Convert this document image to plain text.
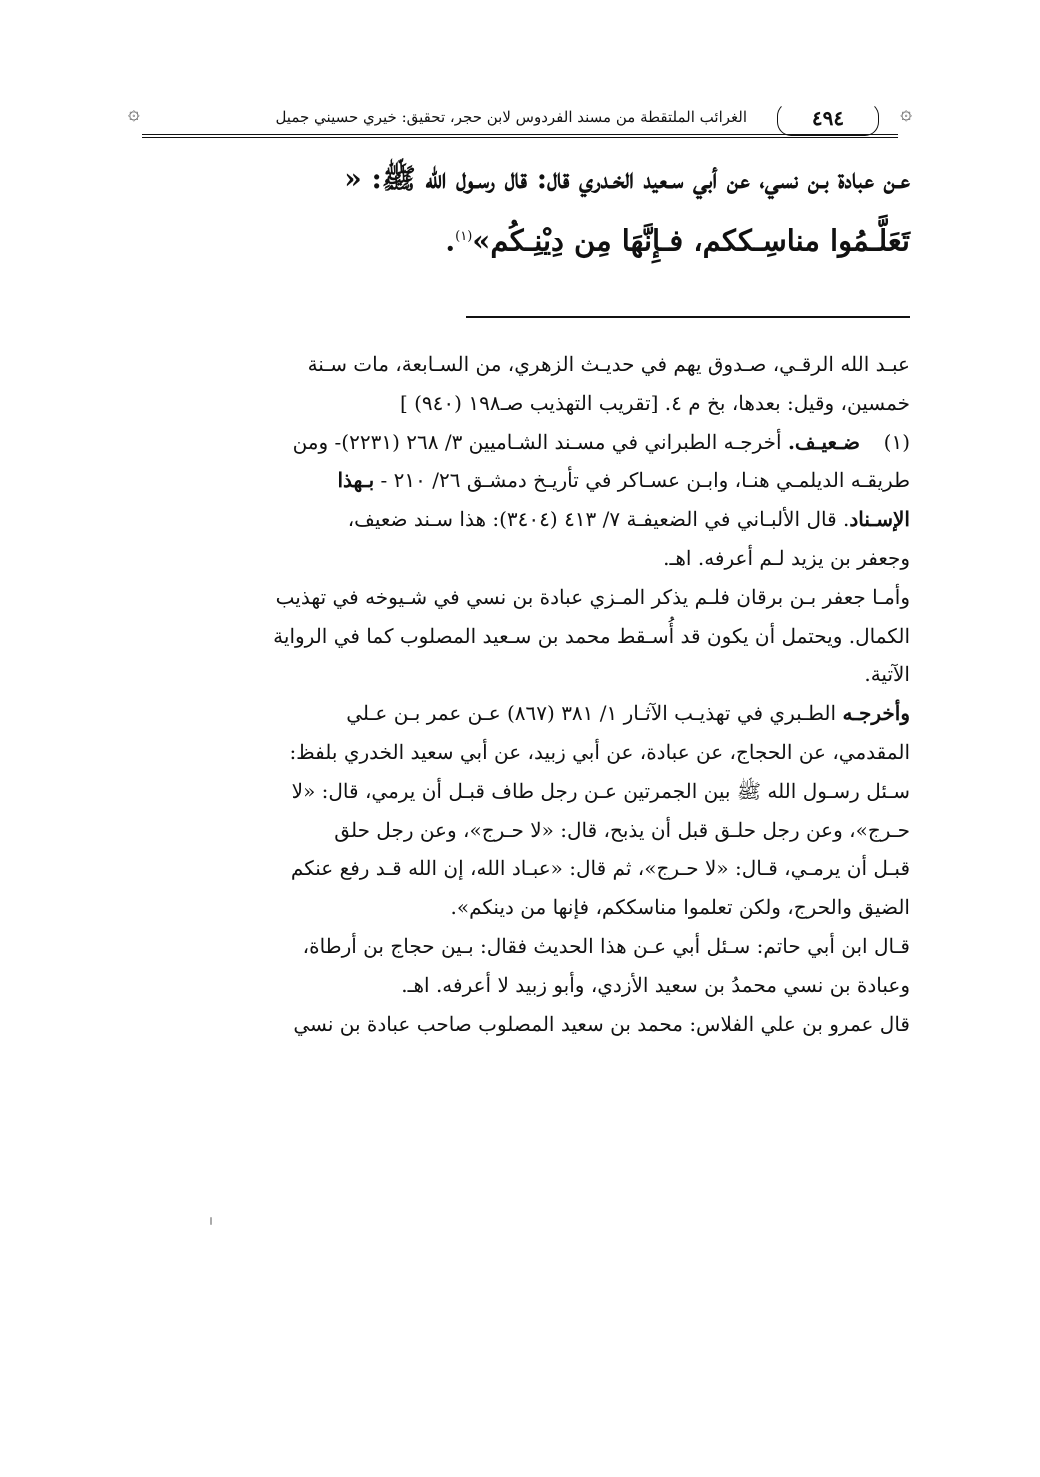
۞
٤٩٤
الغرائب الملتقطة من مسند الفردوس لابن حجر، تحقيق: خيري حسيني جميل
۞
عـن عبادة بـن نسي، عن أبي سـعيد الخـدري قال: قال رسـول الله ﷺ: «
تَعَلَّـمُوا مناسِـككم، فـإِنَّهَا مِن دِيْنِـكُم»$^{(١)}$.
عبـد الله الرقـي، صـدوق يهم في حديـث الزهري، من السـابعة، مات سـنة
خمسين، وقيل: بعدها، بخ م ٤. [تقريب التهذيب صـ١٩٨ (٩٤٠) ]
(١)ضـعيـف. أخرجـه الطبراني في مسـند الشـاميين ٣/ ٢٦٨ (٢٢٣١)- ومن
طريقـه الديلمـي هنـا، وابـن عسـاكر في تأريـخ دمشـق ٢٦/ ٢١٠ - بـهذا
الإسـناد. قال الألبـاني في الضعيفـة ٧/ ٤١٣ (٣٤٠٤): هذا سـند ضعيف،
وجعفر بن يزيد لـم أعرفه. اهـ.
وأمـا جعفر بـن برقان فلـم يذكر المـزي عبادة بن نسي في شـيوخه في تهذيب
الكمال. ويحتمل أن يكون قد أُسـقط محمد بن سـعيد المصلوب كما في الرواية
الآتية.
وأخرجـه الطـبري في تهذيـب الآثـار ١/ ٣٨١ (٨٦٧) عـن عمر بـن عـلي
المقدمي، عن الحجاج، عن عبادة، عن أبي زبيد، عن أبي سعيد الخدري بلفظ:
سـئل رسـول الله ﷺ بين الجمرتين عـن رجل طاف قبـل أن يرمي، قال: «لا
حـرج»، وعن رجل حلـق قبل أن يذبح، قال: «لا حـرج»، وعن رجل حلق
قبـل أن يرمـي، قـال: «لا حـرج»، ثم قال: «عبـاد الله، إن الله قـد رفع عنكم
الضيق والحرج، ولكن تعلموا مناسككم، فإنها من دينكم».
قـال ابن أبي حاتم: سـئل أبي عـن هذا الحديث فقال: بـين حجاج بن أرطاة،
وعبادة بن نسي محمدُ بن سعيد الأزدي، وأبو زبيد لا أعرفه. اهـ.
قال عمرو بن علي الفلاس: محمد بن سعيد المصلوب صاحب عبادة بن نسي
